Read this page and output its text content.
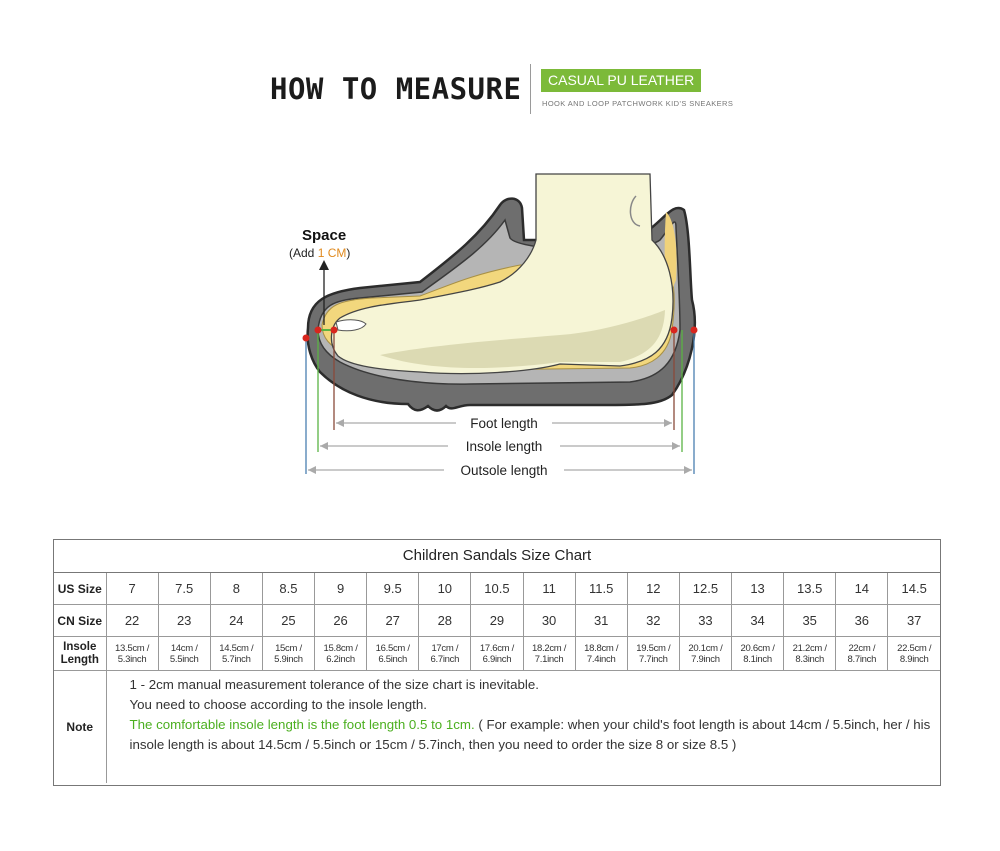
HOW TO MEASURE	CASUAL PU LEATHER
HOOK AND LOOP PATCHWORK KID'S SNEAKERS
Space
(Add 1 CM)
Foot length
Insole length
Outsole length
Children Sandals Size Chart
US Size	7	7.5	8	8.5	9	9.5	10	10.5	11	11.5	12	12.5	13	13.5	14	14.5
CN Size	22	23	24	25	26	27	28	29	30	31	32	33	34	35	36	37
Insole Length	13.5cm / 5.3inch	14cm / 5.5inch	14.5cm / 5.7inch	15cm / 5.9inch	15.8cm / 6.2inch	16.5cm / 6.5inch	17cm / 6.7inch	17.6cm / 6.9inch	18.2cm / 7.1inch	18.8cm / 7.4inch	19.5cm / 7.7inch	20.1cm / 7.9inch	20.6cm / 8.1inch	21.2cm / 8.3inch	22cm / 8.7inch	22.5cm / 8.9inch
Note	1 - 2cm manual measurement tolerance of the size chart is inevitable.

You need to choose according to the insole length.

The comfortable insole length is the foot length 0.5 to 1cm. ( For example: when your child's foot length is about 14cm / 5.5inch, her / his insole length is about 14.5cm / 5.5inch or 15cm / 5.7inch, then you need to order the size 8 or size 8.5 )															
